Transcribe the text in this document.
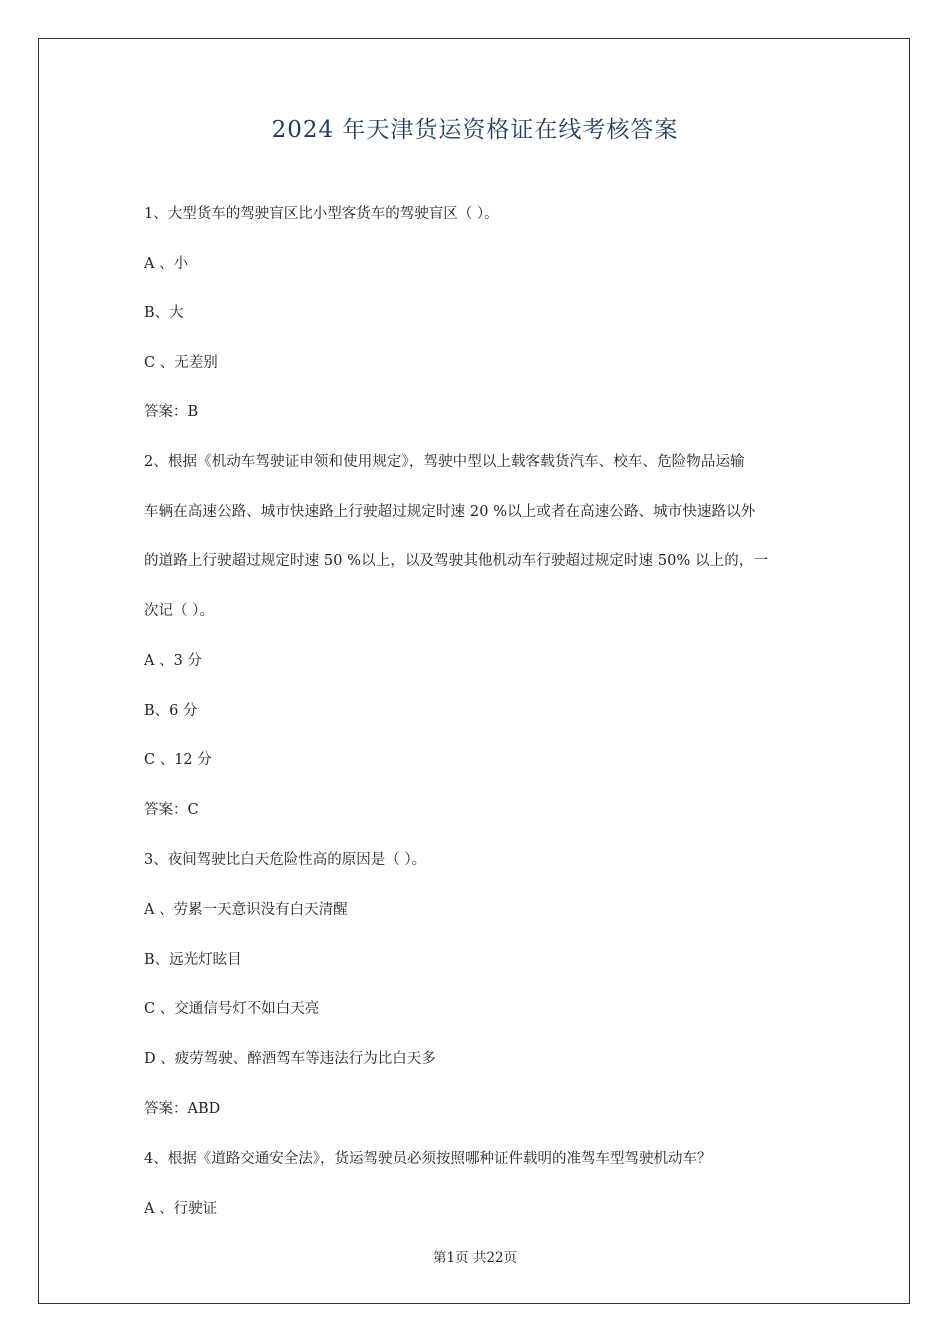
2024 年天津货运资格证在线考核答案
1、大型货车的驾驶盲区比小型客货车的驾驶盲区（ ）。
A 、小
B、大
C 、无差别
答案：B
2、根据《机动车驾驶证申领和使用规定》，驾驶中型以上载客载货汽车、校车、危险物品运输
车辆在高速公路、城市快速路上行驶超过规定时速 20 %以上或者在高速公路、城市快速路以外
的道路上行驶超过规定时速 50 %以上，以及驾驶其他机动车行驶超过规定时速 50% 以上的，一
次记（ ）。
A 、3 分
B、6 分
C 、12 分
答案：C
3、夜间驾驶比白天危险性高的原因是（ ）。
A 、劳累一天意识没有白天清醒
B、远光灯眩目
C 、交通信号灯不如白天亮
D 、疲劳驾驶、醉酒驾车等违法行为比白天多
答案：ABD
4、根据《道路交通安全法》，货运驾驶员必须按照哪种证件载明的准驾车型驾驶机动车？
A 、行驶证
第1页 共22页
